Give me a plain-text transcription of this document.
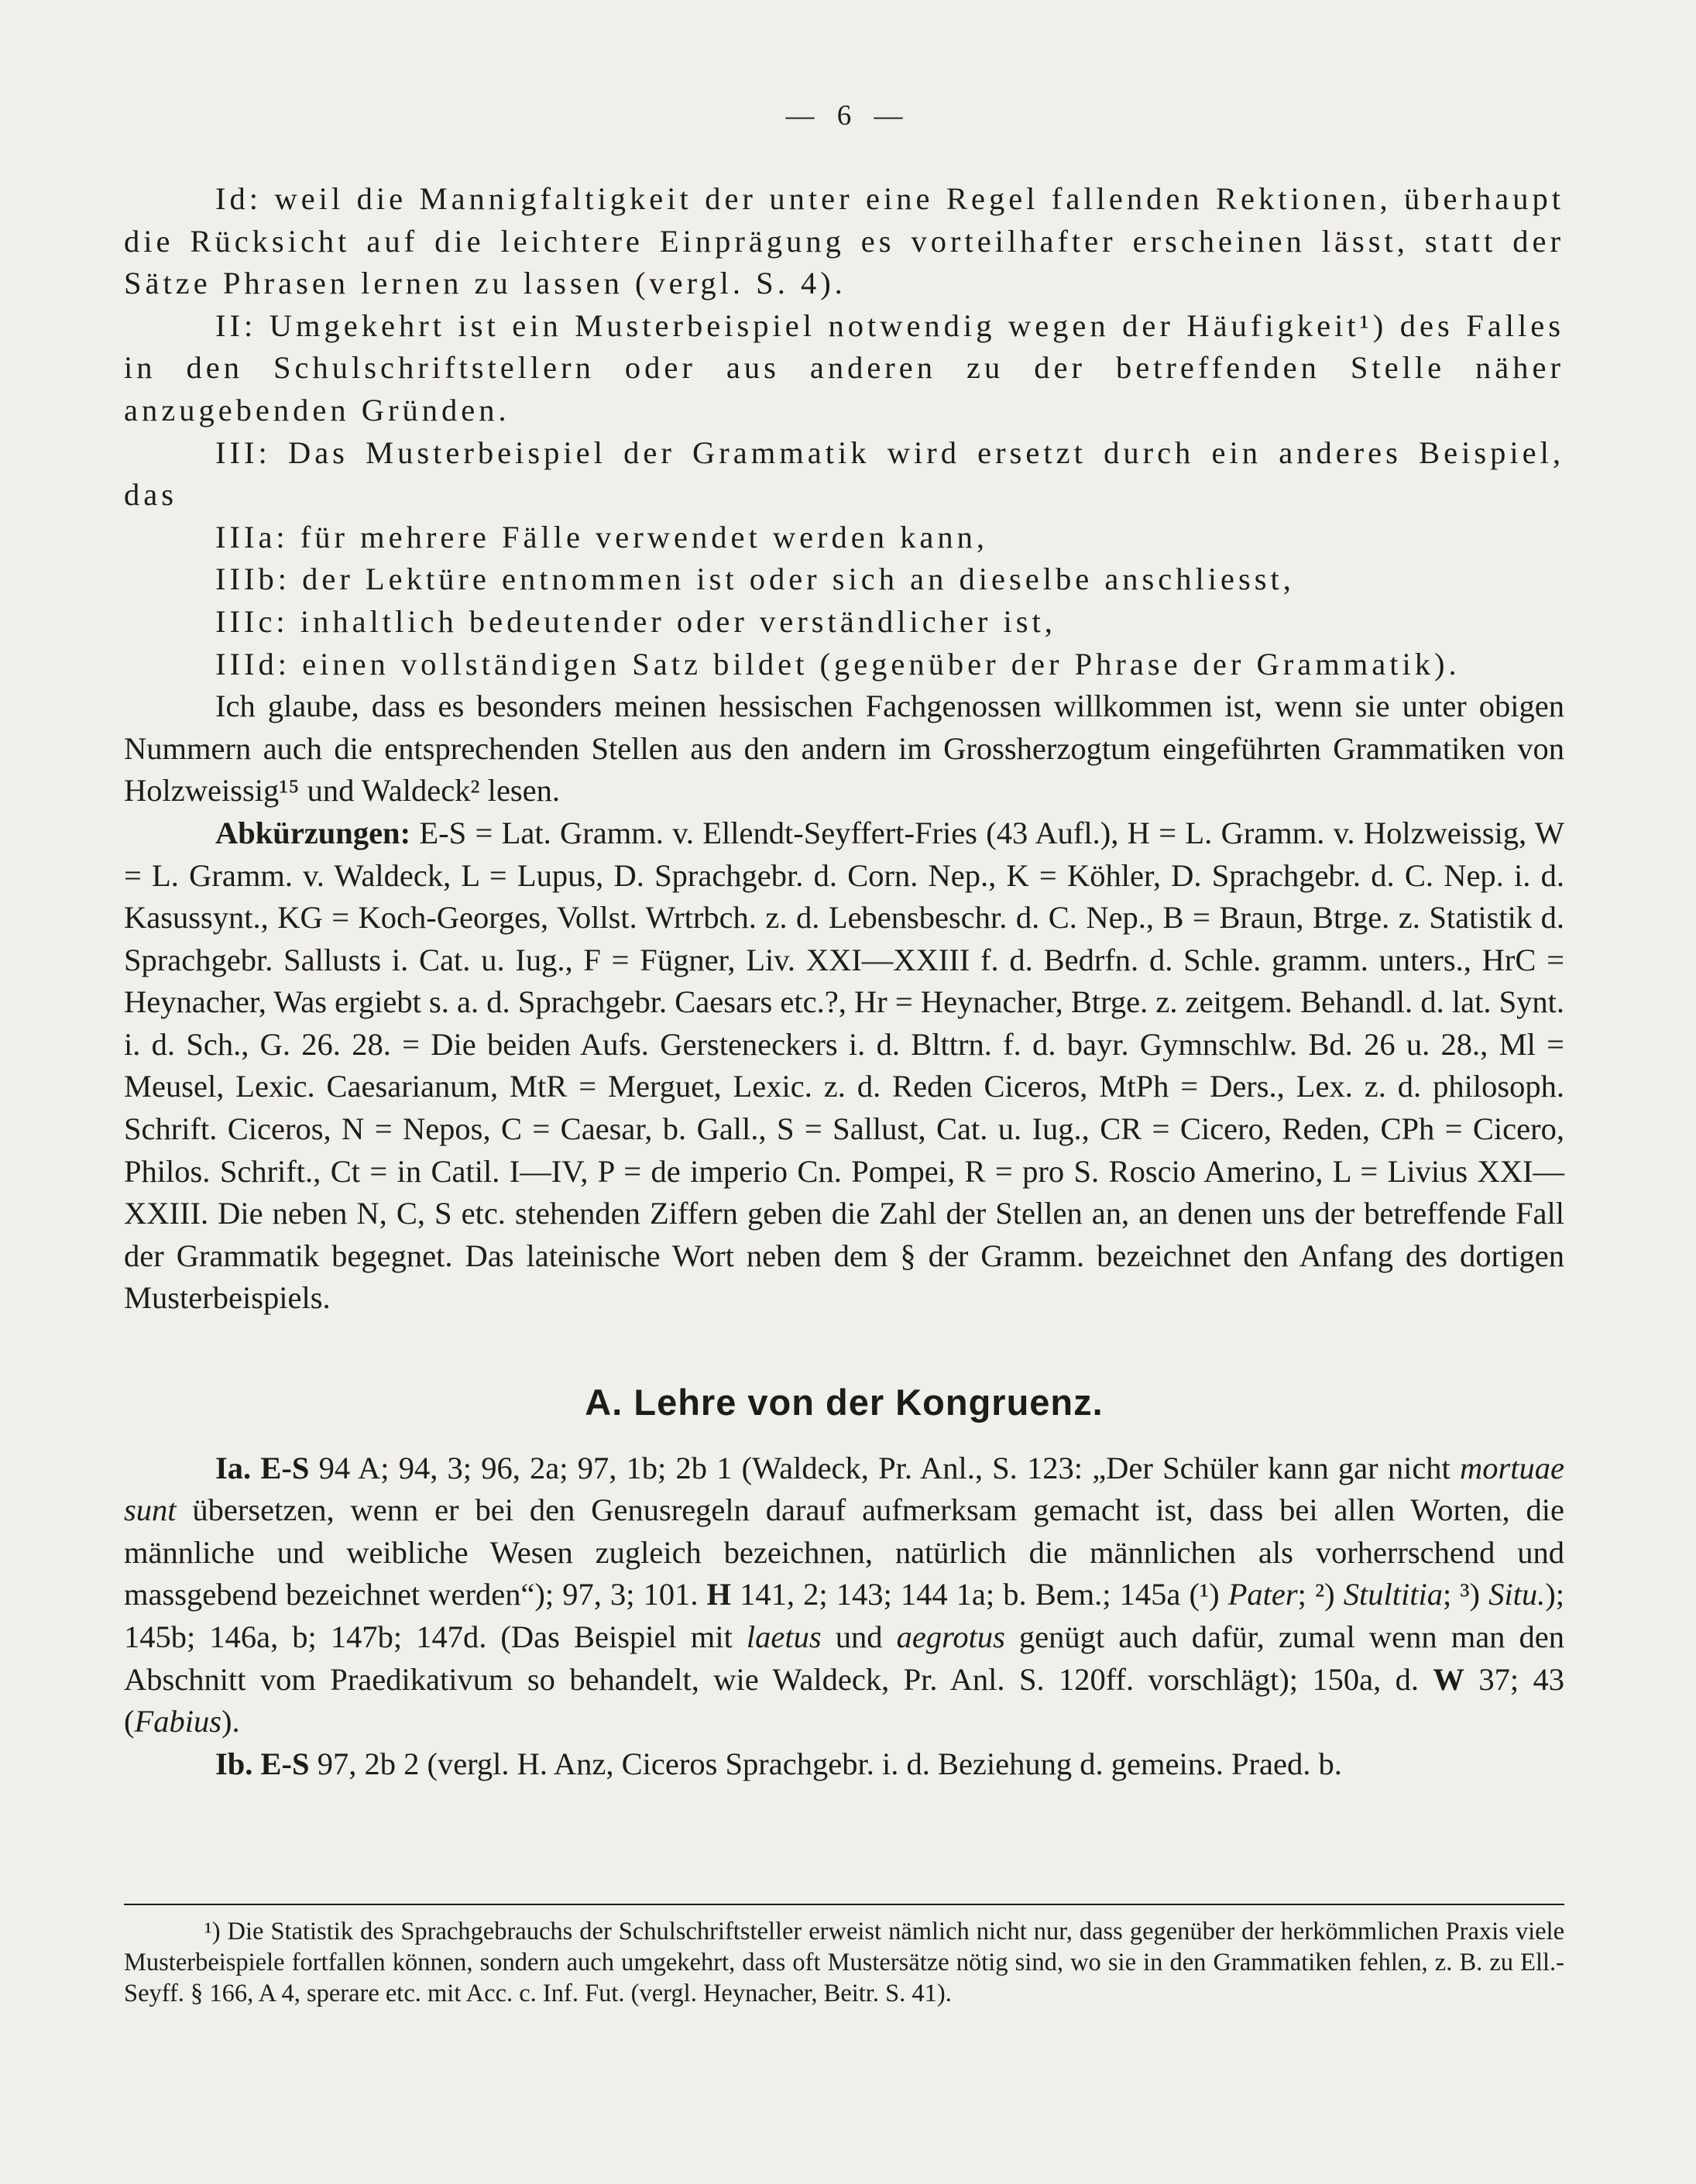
— 6 —

Id: weil die Mannigfaltigkeit der unter eine Regel fallenden Rektionen, überhaupt die Rücksicht auf die leichtere Einprägung es vorteilhafter erscheinen lässt, statt der Sätze Phrasen lernen zu lassen (vergl. S. 4).

II: Umgekehrt ist ein Musterbeispiel notwendig wegen der Häufigkeit¹) des Falles in den Schulschriftstellern oder aus anderen zu der betreffenden Stelle näher anzugebenden Gründen.

III: Das Musterbeispiel der Grammatik wird ersetzt durch ein anderes Beispiel, das

IIIa: für mehrere Fälle verwendet werden kann,

IIIb: der Lektüre entnommen ist oder sich an dieselbe anschliesst,

IIIc: inhaltlich bedeutender oder verständlicher ist,

IIId: einen vollständigen Satz bildet (gegenüber der Phrase der Grammatik).

Ich glaube, dass es besonders meinen hessischen Fachgenossen willkommen ist, wenn sie unter obigen Nummern auch die entsprechenden Stellen aus den andern im Grossherzogtum eingeführten Grammatiken von Holzweissig¹⁵ und Waldeck² lesen.

Abkürzungen: E-S = Lat. Gramm. v. Ellendt-Seyffert-Fries (43 Aufl.), H = L. Gramm. v. Holzweissig, W = L. Gramm. v. Waldeck, L = Lupus, D. Sprachgebr. d. Corn. Nep., K = Köhler, D. Sprachgebr. d. C. Nep. i. d. Kasussynt., KG = Koch-Georges, Vollst. Wrtrbch. z. d. Lebensbeschr. d. C. Nep., B = Braun, Btrge. z. Statistik d. Sprachgebr. Sallusts i. Cat. u. Iug., F = Fügner, Liv. XXI—XXIII f. d. Bedrfn. d. Schle. gramm. unters., HrC = Heynacher, Was ergiebt s. a. d. Sprachgebr. Caesars etc.?, Hr = Heynacher, Btrge. z. zeitgem. Behandl. d. lat. Synt. i. d. Sch., G. 26. 28. = Die beiden Aufs. Gersteneckers i. d. Blttrn. f. d. bayr. Gymnschlw. Bd. 26 u. 28., Ml = Meusel, Lexic. Caesarianum, MtR = Merguet, Lexic. z. d. Reden Ciceros, MtPh = Ders., Lex. z. d. philosoph. Schrift. Ciceros, N = Nepos, C = Caesar, b. Gall., S = Sallust, Cat. u. Iug., CR = Cicero, Reden, CPh = Cicero, Philos. Schrift., Ct = in Catil. I—IV, P = de imperio Cn. Pompei, R = pro S. Roscio Amerino, L = Livius XXI—XXIII. Die neben N, C, S etc. stehenden Ziffern geben die Zahl der Stellen an, an denen uns der betreffende Fall der Grammatik begegnet. Das lateinische Wort neben dem § der Gramm. bezeichnet den Anfang des dortigen Musterbeispiels.

A. Lehre von der Kongruenz.

Ia. E-S 94 A; 94, 3; 96, 2a; 97, 1b; 2b 1 (Waldeck, Pr. Anl., S. 123: „Der Schüler kann gar nicht mortuae sunt übersetzen, wenn er bei den Genusregeln darauf aufmerksam gemacht ist, dass bei allen Worten, die männliche und weibliche Wesen zugleich bezeichnen, natürlich die männlichen als vorherrschend und massgebend bezeichnet werden“); 97, 3; 101. H 141, 2; 143; 144 1a; b. Bem.; 145a (¹) Pater; ²) Stultitia; ³) Situ.); 145b; 146a, b; 147b; 147d. (Das Beispiel mit laetus und aegrotus genügt auch dafür, zumal wenn man den Abschnitt vom Praedikativum so behandelt, wie Waldeck, Pr. Anl. S. 120ff. vorschlägt); 150a, d. W 37; 43 (Fabius).

Ib. E-S 97, 2b 2 (vergl. H. Anz, Ciceros Sprachgebr. i. d. Beziehung d. gemeins. Praed. b.

¹) Die Statistik des Sprachgebrauchs der Schulschriftsteller erweist nämlich nicht nur, dass gegenüber der herkömmlichen Praxis viele Musterbeispiele fortfallen können, sondern auch umgekehrt, dass oft Mustersätze nötig sind, wo sie in den Grammatiken fehlen, z. B. zu Ell.-Seyff. § 166, A 4, sperare etc. mit Acc. c. Inf. Fut. (vergl. Heynacher, Beitr. S. 41).
